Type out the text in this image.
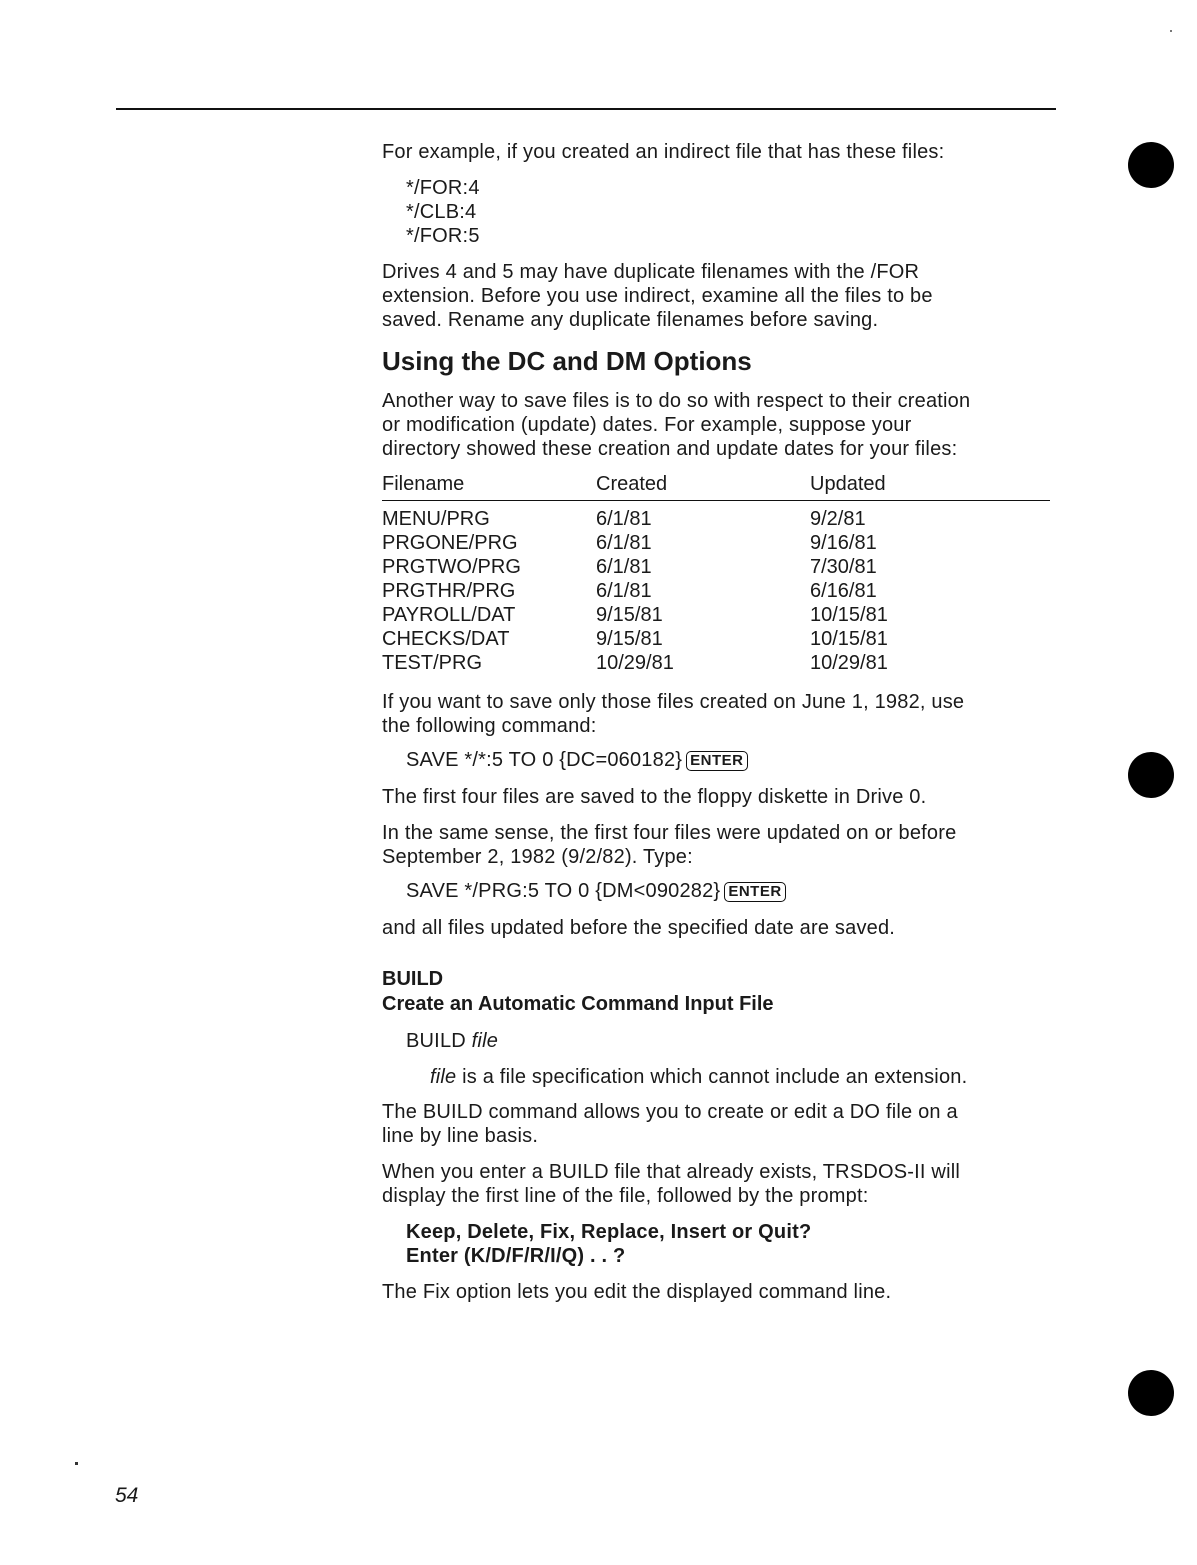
For example, if you created an indirect file that has these files:
*/FOR:4
*/CLB:4
*/FOR:5
Drives 4 and 5 may have duplicate filenames with the /FOR
extension. Before you use indirect, examine all the files to be
saved. Rename any duplicate filenames before saving.
Using the DC and DM Options
Another way to save files is to do so with respect to their creation
or modification (update) dates. For example, suppose your
directory showed these creation and update dates for your files:
Filename	Created	Updated
MENU/PRG	6/1/81	9/2/81
PRGONE/PRG	6/1/81	9/16/81
PRGTWO/PRG	6/1/81	7/30/81
PRGTHR/PRG	6/1/81	6/16/81
PAYROLL/DAT	9/15/81	10/15/81
CHECKS/DAT	9/15/81	10/15/81
TEST/PRG	10/29/81	10/29/81
If you want to save only those files created on June 1, 1982, use
the following command:
SAVE */*:5 TO 0 {DC=060182} ENTER
The first four files are saved to the floppy diskette in Drive 0.
In the same sense, the first four files were updated on or before
September 2, 1982 (9/2/82). Type:
SAVE */PRG:5 TO 0 {DM<090282} ENTER
and all files updated before the specified date are saved.
BUILD
Create an Automatic Command Input File
BUILD file
file is a file specification which cannot include an extension.
The BUILD command allows you to create or edit a DO file on a
line by line basis.
When you enter a BUILD file that already exists, TRSDOS-II will
display the first line of the file, followed by the prompt:
Keep, Delete, Fix, Replace, Insert or Quit?
Enter (K/D/F/R/I/Q) . . ?
The Fix option lets you edit the displayed command line.
54
